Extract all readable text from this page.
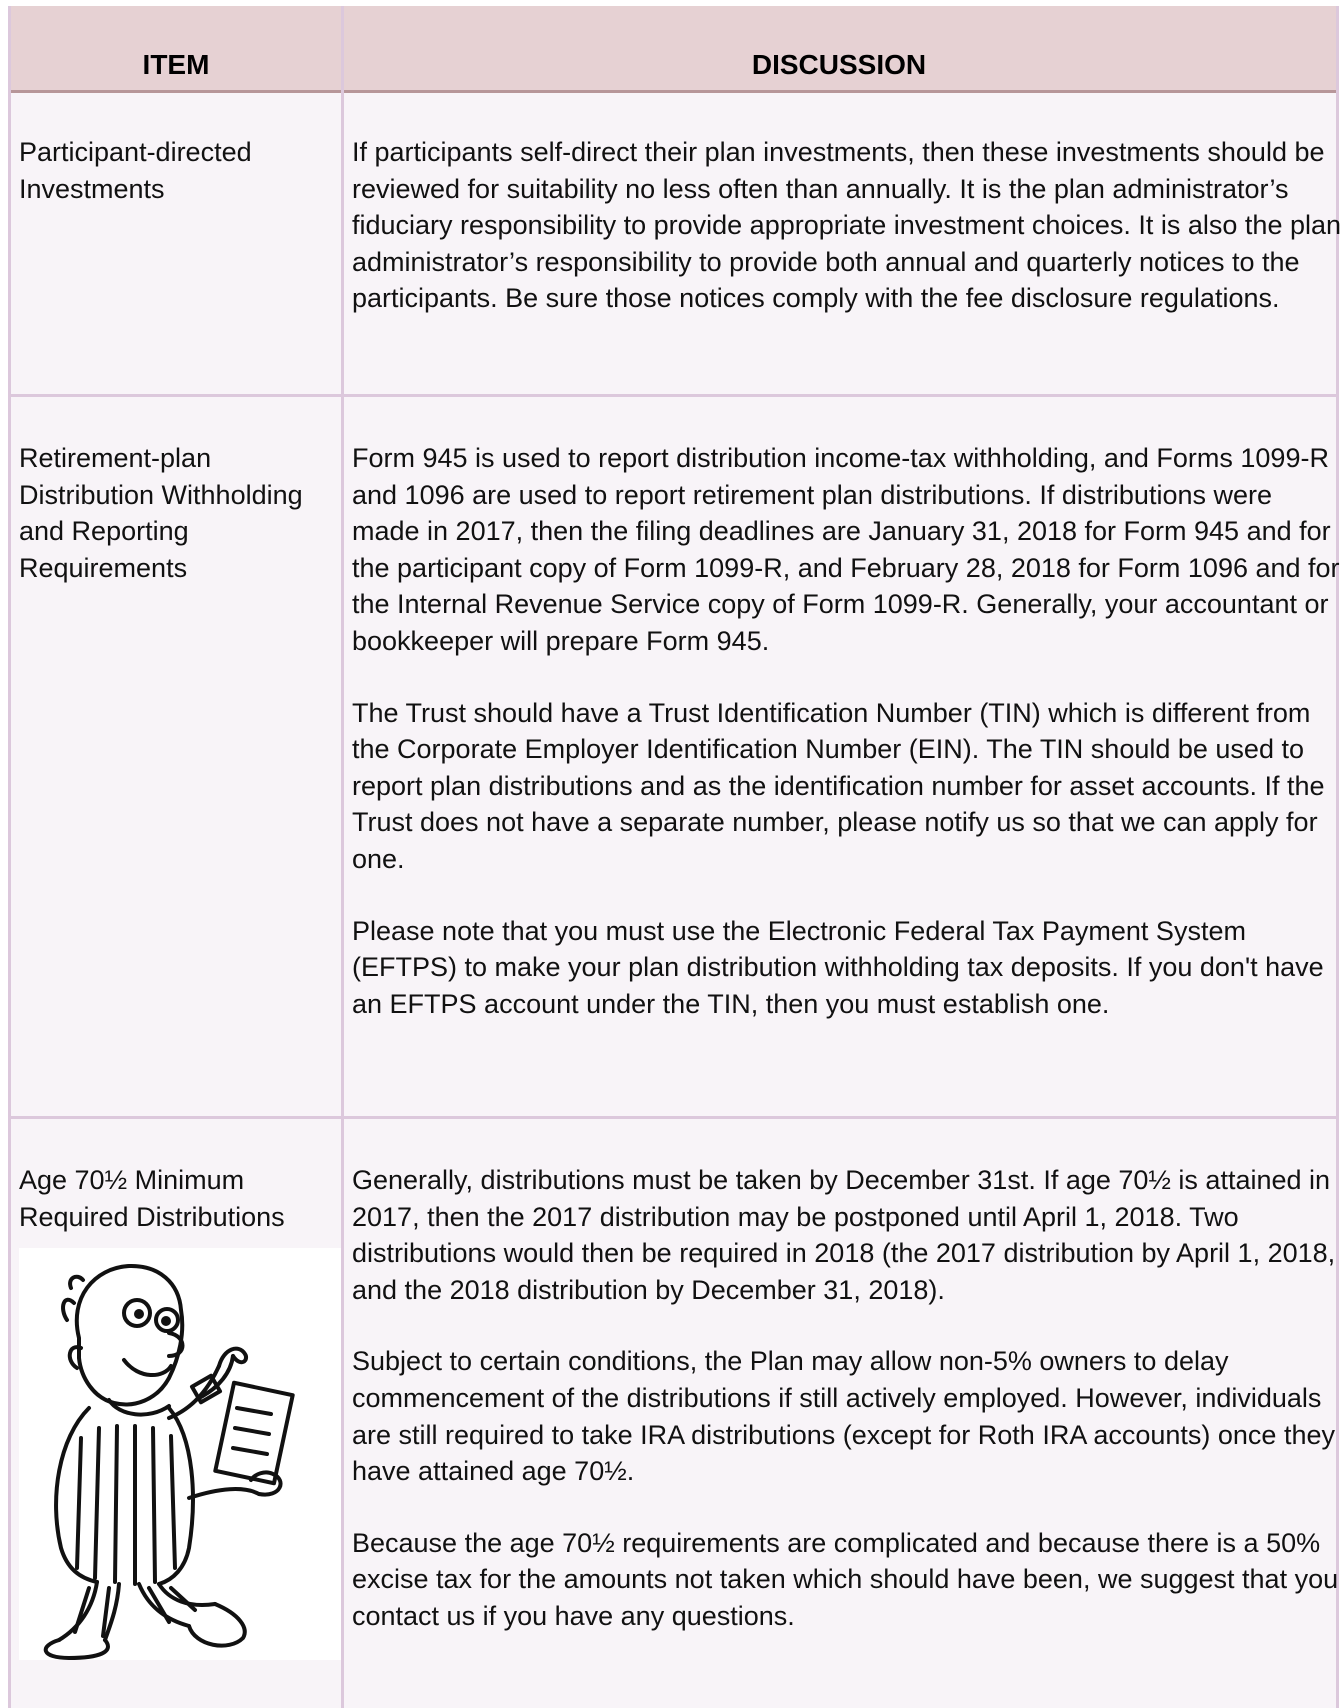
ITEM	DISCUSSION
Participant-directed Investments

If participants self-direct their plan investments, then these investments should be reviewed for suitability no less often than annually. It is the plan administrator’s fiduciary responsibility to provide appropriate investment choices. It is also the plan administrator’s responsibility to provide both annual and quarterly notices to the participants. Be sure those notices comply with the fee disclosure regulations.

Retirement-plan Distribution Withholding and Reporting Requirements

Form 945 is used to report distribution income-tax withholding, and Forms 1099-R and 1096 are used to report retirement plan distributions. If distributions were made in 2017, then the filing deadlines are January 31, 2018 for Form 945 and for the participant copy of Form 1099-R, and February 28, 2018 for Form 1096 and for the Internal Revenue Service copy of Form 1099-R. Generally, your accountant or bookkeeper will prepare Form 945.

The Trust should have a Trust Identification Number (TIN) which is different from the Corporate Employer Identification Number (EIN). The TIN should be used to report plan distributions and as the identification number for asset accounts. If the Trust does not have a separate number, please notify us so that we can apply for one.

Please note that you must use the Electronic Federal Tax Payment System (EFTPS) to make your plan distribution withholding tax deposits. If you don't have an EFTPS account under the TIN, then you must establish one.

Age 70½ Minimum Required Distributions

Generally, distributions must be taken by December 31st. If age 70½ is attained in 2017, then the 2017 distribution may be postponed until April 1, 2018. Two distributions would then be required in 2018 (the 2017 distribution by April 1, 2018, and the 2018 distribution by December 31, 2018).

Subject to certain conditions, the Plan may allow non-5% owners to delay commencement of the distributions if still actively employed. However, individuals are still required to take IRA distributions (except for Roth IRA accounts) once they have attained age 70½.

Because the age 70½ requirements are complicated and because there is a 50% excise tax for the amounts not taken which should have been, we suggest that you contact us if you have any questions.
